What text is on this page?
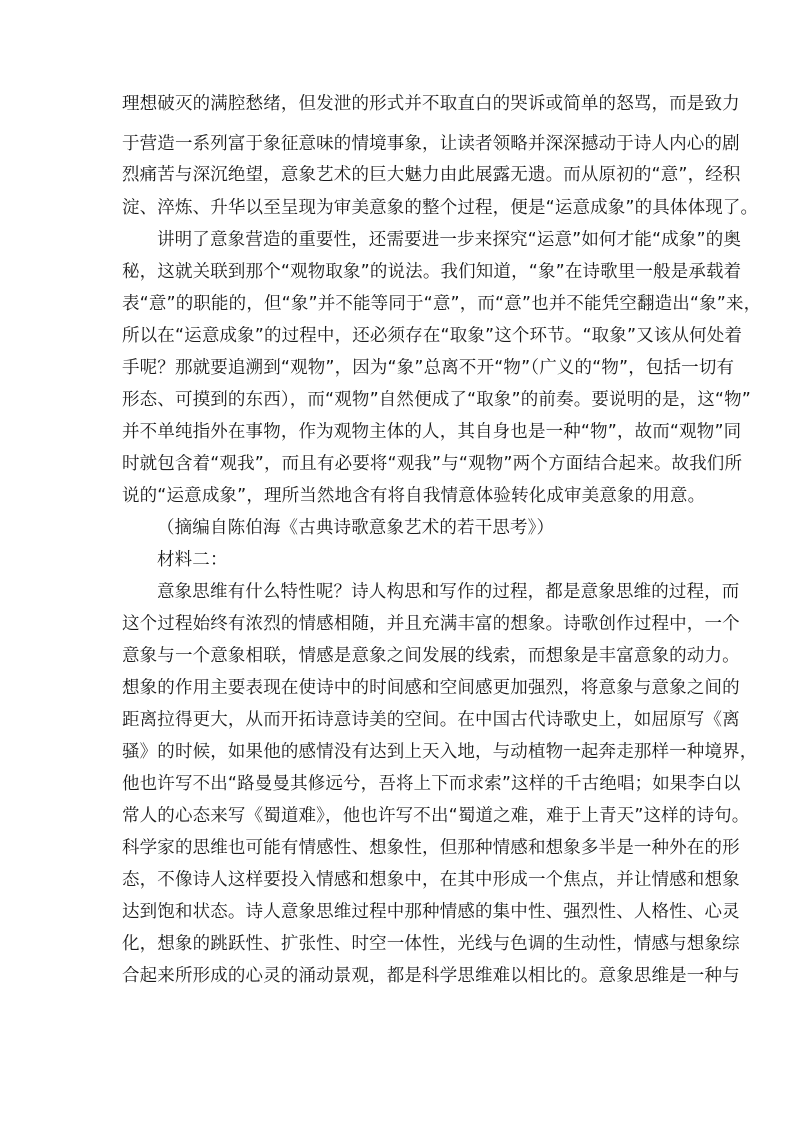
理想破灭的满腔愁绪，但发泄的形式并不取直白的哭诉或简单的怒骂，而是致力
于营造一系列富于象征意味的情境事象，让读者领略并深深撼动于诗人内心的剧
烈痛苦与深沉绝望，意象艺术的巨大魅力由此展露无遗。而从原初的“意”，经积
淀、淬炼、升华以至呈现为审美意象的整个过程，便是“运意成象”的具体体现了。
讲明了意象营造的重要性，还需要进一步来探究“运意”如何才能“成象”的奥
秘，这就关联到那个“观物取象”的说法。我们知道，“象”在诗歌里一般是承载着
表“意”的职能的，但“象”并不能等同于“意”，而“意”也并不能凭空翻造出“象”来，
所以在“运意成象”的过程中，还必须存在“取象”这个环节。“取象”又该从何处着
手呢？那就要追溯到“观物”，因为“象”总离不开“物”（广义的“物”，包括一切有
形态、可摸到的东西），而“观物”自然便成了“取象”的前奏。要说明的是，这“物”
并不单纯指外在事物，作为观物主体的人，其自身也是一种“物”，故而“观物”同
时就包含着“观我”，而且有必要将“观我”与“观物”两个方面结合起来。故我们所
说的“运意成象”，理所当然地含有将自我情意体验转化成审美意象的用意。
（摘编自陈伯海《古典诗歌意象艺术的若干思考》）
材料二：
意象思维有什么特性呢？诗人构思和写作的过程，都是意象思维的过程，而
这个过程始终有浓烈的情感相随，并且充满丰富的想象。诗歌创作过程中，一个
意象与一个意象相联，情感是意象之间发展的线索，而想象是丰富意象的动力。
想象的作用主要表现在使诗中的时间感和空间感更加强烈，将意象与意象之间的
距离拉得更大，从而开拓诗意诗美的空间。在中国古代诗歌史上，如屈原写《离
骚》的时候，如果他的感情没有达到上天入地，与动植物一起奔走那样一种境界，
他也许写不出“路曼曼其修远兮，吾将上下而求索”这样的千古绝唱；如果李白以
常人的心态来写《蜀道难》，他也许写不出“蜀道之难，难于上青天”这样的诗句。
科学家的思维也可能有情感性、想象性，但那种情感和想象多半是一种外在的形
态，不像诗人这样要投入情感和想象中，在其中形成一个焦点，并让情感和想象
达到饱和状态。诗人意象思维过程中那种情感的集中性、强烈性、人格性、心灵
化，想象的跳跃性、扩张性、时空一体性，光线与色调的生动性，情感与想象综
合起来所形成的心灵的涌动景观，都是科学思维难以相比的。意象思维是一种与
